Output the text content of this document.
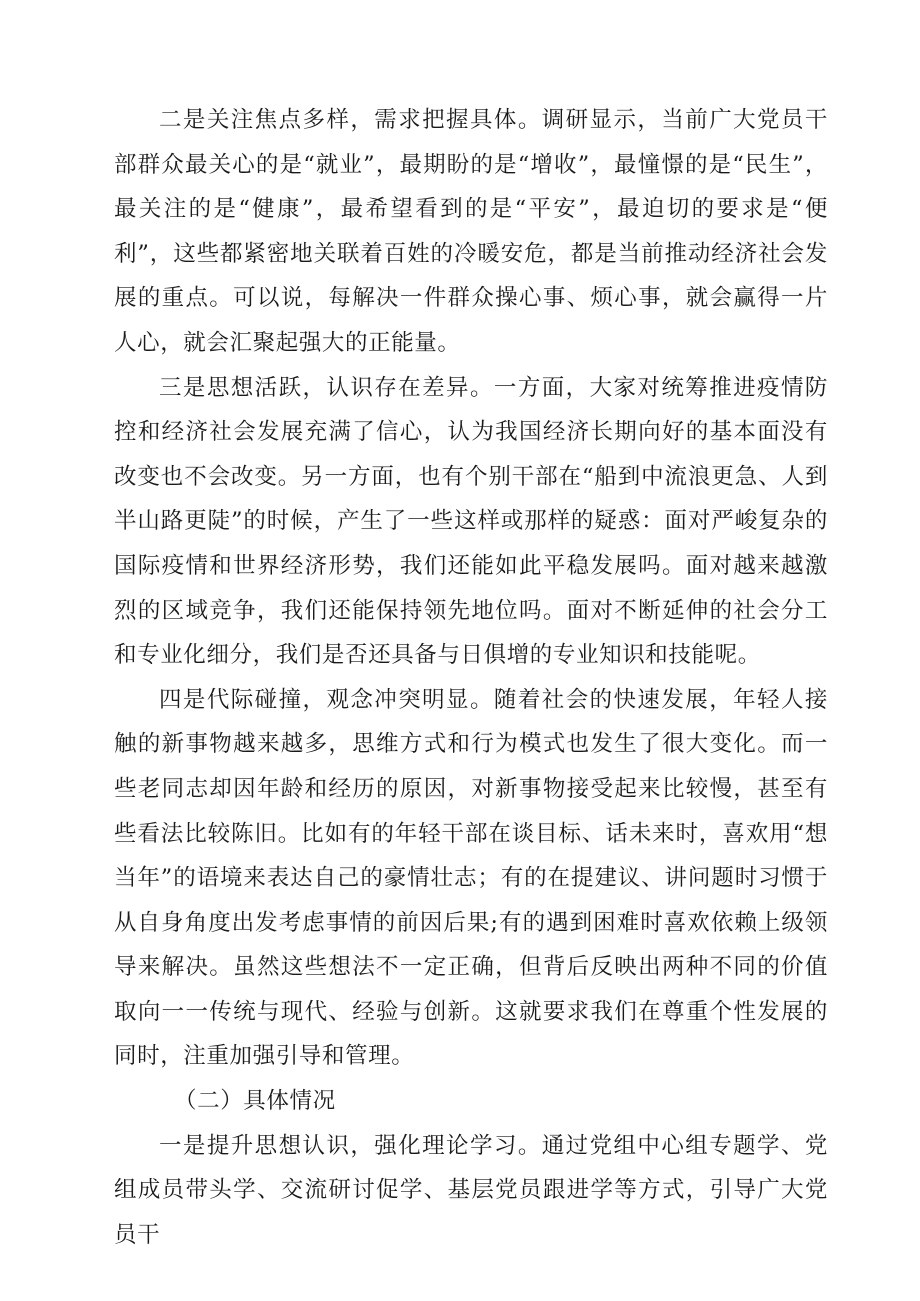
二是关注焦点多样，需求把握具体。调研显示，当前广大党员干部群众最关心的是“就业”，最期盼的是“增收”，最憧憬的是“民生”，最关注的是“健康”，最希望看到的是“平安”，最迫切的要求是“便利”，这些都紧密地关联着百姓的冷暖安危，都是当前推动经济社会发展的重点。可以说，每解决一件群众操心事、烦心事，就会赢得一片人心，就会汇聚起强大的正能量。

三是思想活跃，认识存在差异。一方面，大家对统筹推进疫情防控和经济社会发展充满了信心，认为我国经济长期向好的基本面没有改变也不会改变。另一方面，也有个别干部在“船到中流浪更急、人到半山路更陡”的时候，产生了一些这样或那样的疑惑：面对严峻复杂的国际疫情和世界经济形势，我们还能如此平稳发展吗。面对越来越激烈的区域竞争，我们还能保持领先地位吗。面对不断延伸的社会分工和专业化细分，我们是否还具备与日俱增的专业知识和技能呢。

四是代际碰撞，观念冲突明显。随着社会的快速发展，年轻人接触的新事物越来越多，思维方式和行为模式也发生了很大变化。而一些老同志却因年龄和经历的原因，对新事物接受起来比较慢，甚至有些看法比较陈旧。比如有的年轻干部在谈目标、话未来时，喜欢用“想当年”的语境来表达自己的豪情壮志；有的在提建议、讲问题时习惯于从自身角度出发考虑事情的前因后果;有的遇到困难时喜欢依赖上级领导来解决。虽然这些想法不一定正确，但背后反映出两种不同的价值取向一一传统与现代、经验与创新。这就要求我们在尊重个性发展的同时，注重加强引导和管理。

（二）具体情况

一是提升思想认识，强化理论学习。通过党组中心组专题学、党组成员带头学、交流研讨促学、基层党员跟进学等方式，引导广大党员干
